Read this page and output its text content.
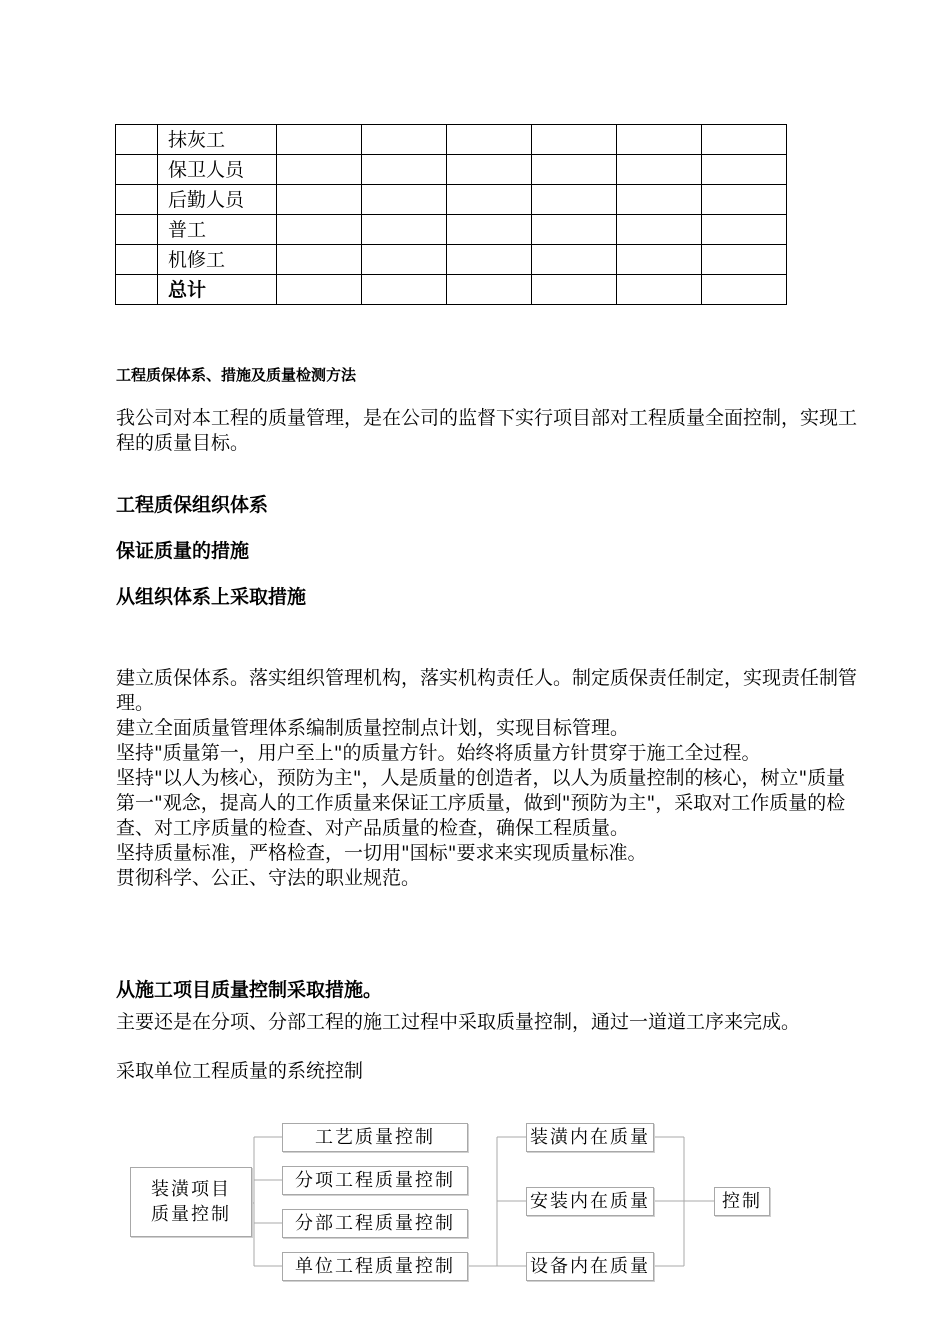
	抹灰工						
	保卫人员						
	后勤人员						
	普工						
	机修工						
	总计						
工程质保体系、措施及质量检测方法

我公司对本工程的质量管理，是在公司的监督下实行项目部对工程质量全面控制，实现工程的质量目标。

工程质保组织体系
保证质量的措施
从组织体系上采取措施
建立质保体系。落实组织管理机构，落实机构责任人。制定质保责任制定，实现责任制管理。
建立全面质量管理体系编制质量控制点计划，实现目标管理。
坚持"质量第一，用户至上"的质量方针。始终将质量方针贯穿于施工全过程。
坚持"以人为核心，预防为主"，人是质量的创造者，以人为质量控制的核心，树立"质量第一"观念，提高人的工作质量来保证工序质量，做到"预防为主"，采取对工作质量的检查、对工序质量的检查、对产品质量的检查，确保工程质量。
坚持质量标准，严格检查，一切用"国标"要求来实现质量标准。
贯彻科学、公正、守法的职业规范。
从施工项目质量控制采取措施。

主要还是在分项、分部工程的施工过程中采取质量控制，通过一道道工序来完成。

采取单位工程质量的系统控制

装潢项目
质量控制
工艺质量控制
分项工程质量控制
分部工程质量控制
单位工程质量控制
装潢内在质量
安装内在质量
设备内在质量
控制
